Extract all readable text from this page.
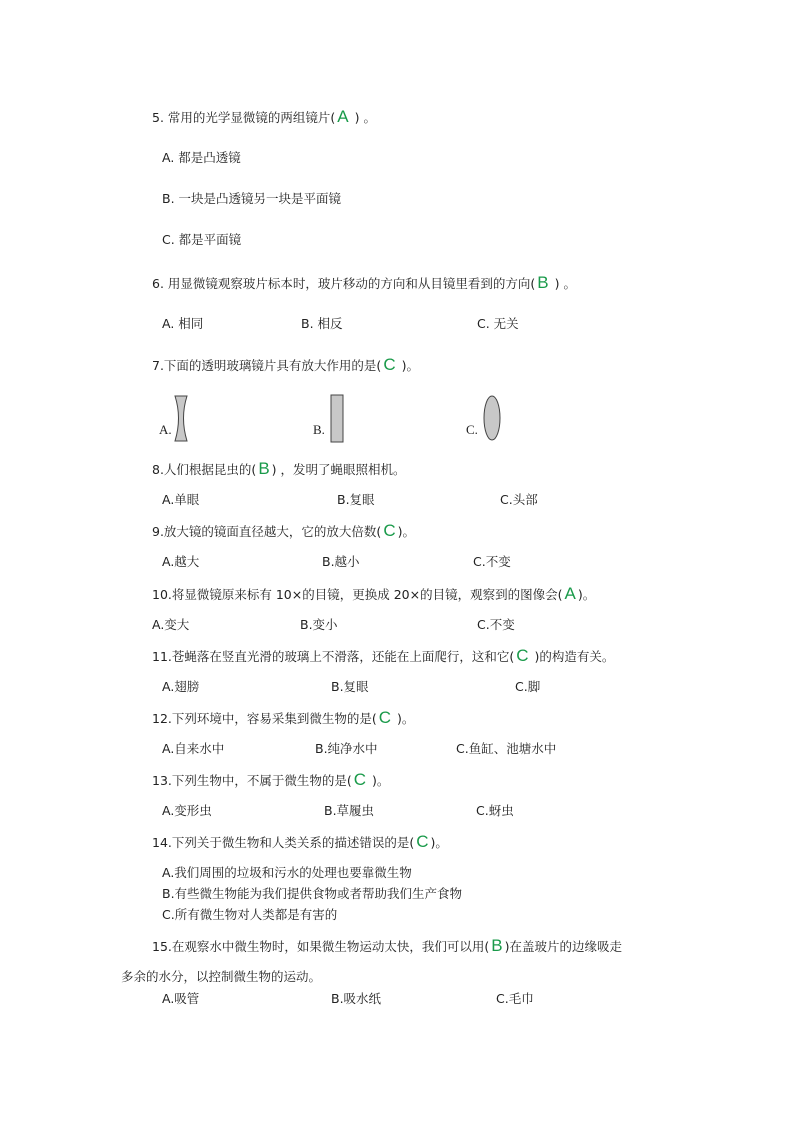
5. 常用的光学显微镜的两组镜片( A ) 。
A. 都是凸透镜
B. 一块是凸透镜另一块是平面镜
C. 都是平面镜
6. 用显微镜观察玻片标本时，玻片移动的方向和从目镜里看到的方向( B ) 。
A. 相同	B. 相反	C. 无关
7.下面的透明玻璃镜片具有放大作用的是( C )。
A.	B.	C.
8.人们根据昆虫的( B ) ，发明了蝇眼照相机。
A.单眼	B.复眼	C.头部
9.放大镜的镜面直径越大，它的放大倍数( C )。
A.越大	B.越小	C.不变
10.将显微镜原来标有 10×的目镜，更换成 20×的目镜，观察到的图像会( A )。
A.变大	B.变小	C.不变
11.苍蝇落在竖直光滑的玻璃上不滑落，还能在上面爬行，这和它( C )的构造有关。
A.翅膀	B.复眼	C.脚
12.下列环境中，容易采集到微生物的是( C )。
A.自来水中	B.纯净水中	C.鱼缸、池塘水中
13.下列生物中，不属于微生物的是( C )。
A.变形虫	B.草履虫	C.蚜虫
14.下列关于微生物和人类关系的描述错误的是( C )。
A.我们周围的垃圾和污水的处理也要靠微生物
B.有些微生物能为我们提供食物或者帮助我们生产食物
C.所有微生物对人类都是有害的
15.在观察水中微生物时，如果微生物运动太快，我们可以用( B )在盖玻片的边缘吸走
多余的水分，以控制微生物的运动。
A.吸管	B.吸水纸	C.毛巾
